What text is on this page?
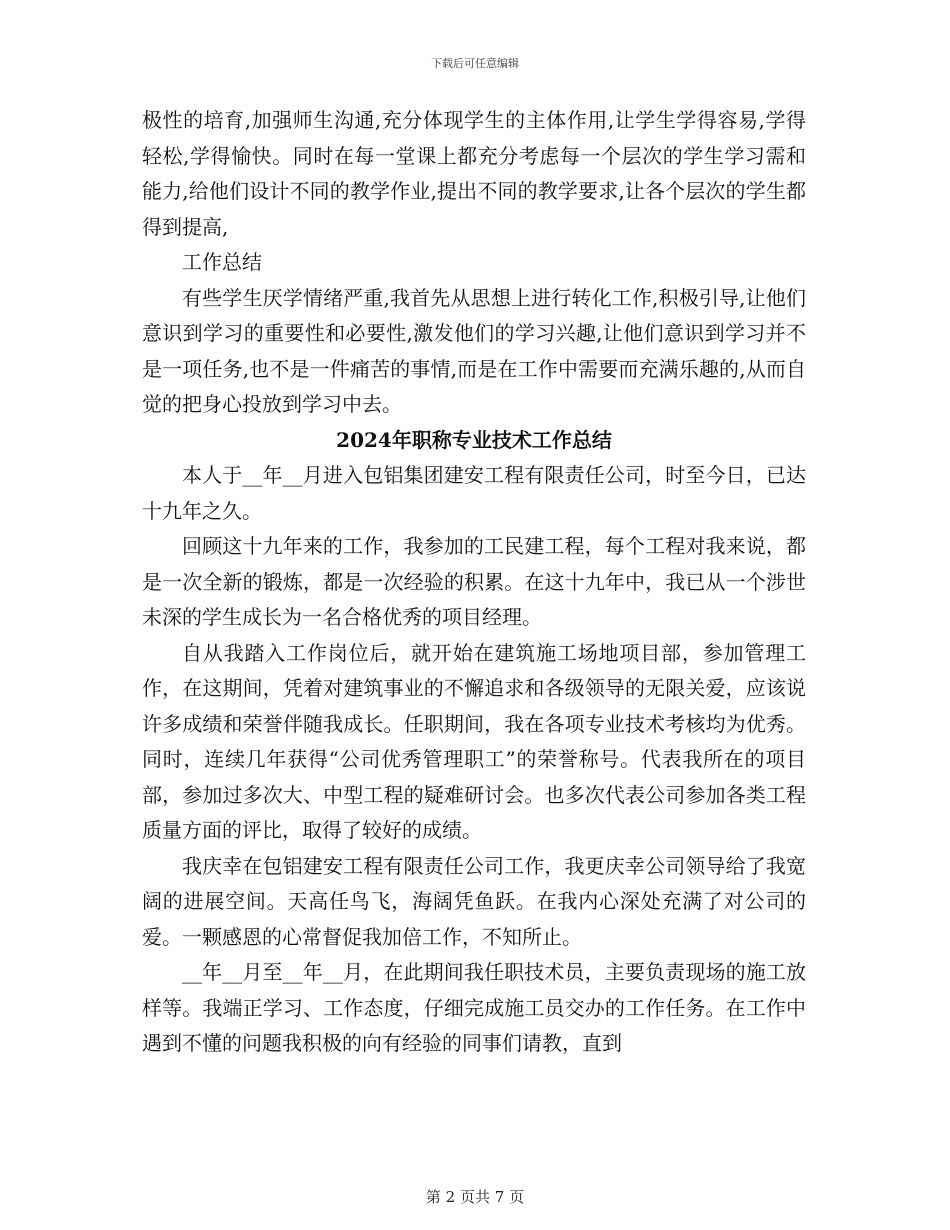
下载后可任意编辑

极性的培育,加强师生沟通,充分体现学生的主体作用,让学生学得容易,学得轻松,学得愉快。同时在每一堂课上都充分考虑每一个层次的学生学习需和能力,给他们设计不同的教学作业,提出不同的教学要求,让各个层次的学生都得到提高,

工作总结

有些学生厌学情绪严重,我首先从思想上进行转化工作,积极引导,让他们意识到学习的重要性和必要性,激发他们的学习兴趣,让他们意识到学习并不是一项任务,也不是一件痛苦的事情,而是在工作中需要而充满乐趣的,从而自觉的把身心投放到学习中去。

2024年职称专业技术工作总结

本人于__年__月进入包铝集团建安工程有限责任公司，时至今日，已达十九年之久。

回顾这十九年来的工作，我参加的工民建工程，每个工程对我来说，都是一次全新的锻炼，都是一次经验的积累。在这十九年中，我已从一个涉世未深的学生成长为一名合格优秀的项目经理。

自从我踏入工作岗位后，就开始在建筑施工场地项目部，参加管理工作，在这期间，凭着对建筑事业的不懈追求和各级领导的无限关爱，应该说许多成绩和荣誉伴随我成长。任职期间，我在各项专业技术考核均为优秀。同时，连续几年获得“公司优秀管理职工”的荣誉称号。代表我所在的项目部，参加过多次大、中型工程的疑难研讨会。也多次代表公司参加各类工程质量方面的评比，取得了较好的成绩。

我庆幸在包铝建安工程有限责任公司工作，我更庆幸公司领导给了我宽阔的进展空间。天高任鸟飞，海阔凭鱼跃。在我内心深处充满了对公司的爱。一颗感恩的心常督促我加倍工作，不知所止。

__年__月至__年__月，在此期间我任职技术员，主要负责现场的施工放样等。我端正学习、工作态度，仔细完成施工员交办的工作任务。在工作中遇到不懂的问题我积极的向有经验的同事们请教，直到

第 2 页共 7 页
